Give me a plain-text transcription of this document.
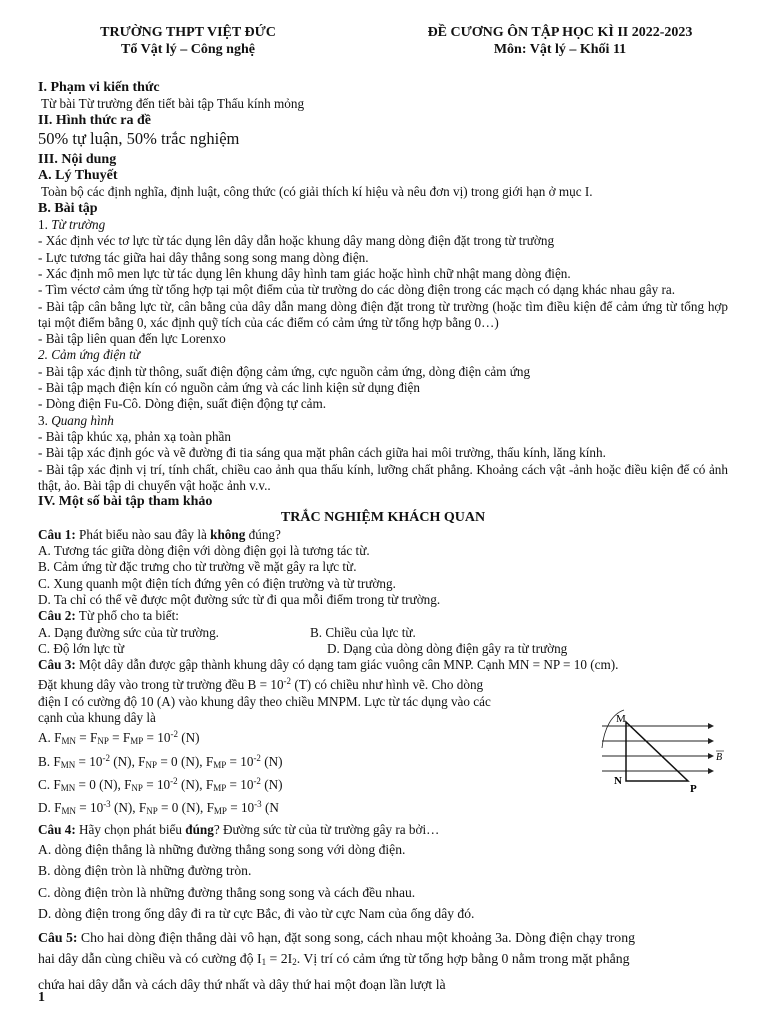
TRƯỜNG THPT VIỆT ĐỨC
Tổ Vật lý – Công nghệ
ĐỀ CƯƠNG ÔN TẬP HỌC KÌ II 2022-2023
Môn: Vật lý – Khối 11
I. Phạm vi kiến thức
Từ bài Từ trường đến tiết bài tập Thấu kính mỏng
II. Hình thức ra đề
50% tự luận, 50% trắc nghiệm
III. Nội dung
A. Lý Thuyết
Toàn bộ các định nghĩa, định luật, công thức (có giải thích kí hiệu và nêu đơn vị) trong giới hạn ở mục I.
B. Bài tập
1. Từ trường
- Xác định véc tơ lực từ tác dụng lên dây dẫn hoặc khung dây mang dòng điện đặt trong từ trường
- Lực tương tác giữa hai dây thẳng song song mang dòng điện.
- Xác định mô men lực từ tác dụng lên khung dây hình tam giác hoặc hình chữ nhật mang dòng điện.
- Tìm véctơ cảm ứng từ tổng hợp tại một điểm của từ trường do các dòng điện trong các mạch có dạng khác nhau gây ra.
- Bài tập cân bằng lực từ, cân bằng của dây dẫn mang dòng điện đặt trong từ trường (hoặc tìm điều kiện để cảm ứng từ tổng hợp tại một điểm bằng 0, xác định quỹ tích của các điểm có cảm ứng từ tổng hợp bằng 0…)
- Bài tập liên quan đến lực Lorenxo
2. Cảm ứng điện từ
- Bài tập xác định từ thông, suất điện động cảm ứng, cực nguồn cảm ứng, dòng điện cảm ứng
- Bài tập mạch điện kín có nguồn cảm ứng và các linh kiện sử dụng điện
- Dòng điện Fu-Cô. Dòng điện, suất điện động tự cảm.
3. Quang hình
- Bài tập khúc xạ, phản xạ toàn phần
- Bài tập xác định góc và vẽ đường đi tia sáng qua mặt phân cách giữa hai môi trường, thấu kính, lăng kính.
- Bài tập xác định vị trí, tính chất, chiều cao ảnh qua thấu kính, lưỡng chất phẳng. Khoảng cách vật -ảnh hoặc điều kiện để có ảnh thật, ảo. Bài tập di chuyển vật hoặc ảnh v.v..
IV. Một số bài tập tham khảo
TRẮC NGHIỆM KHÁCH QUAN
Câu 1: Phát biểu nào sau đây là không đúng?
A. Tương tác giữa dòng điện với dòng điện gọi là tương tác từ.
B. Cảm ứng từ đặc trưng cho từ trường về mặt gây ra lực từ.
C. Xung quanh một điện tích đứng yên có điện trường và từ trường.
D. Ta chỉ có thể vẽ được một đường sức từ đi qua mỗi điểm trong từ trường.
Câu 2: Từ phổ cho ta biết:
A. Dạng đường sức của từ trường.	B. Chiều của lực từ.
C. Độ lớn lực từ	D. Dạng của dòng dòng điện gây ra từ trường
Câu 3: Một dây dẫn được gập thành khung dây có dạng tam giác vuông cân MNP. Cạnh MN = NP = 10 (cm).
Đặt khung dây vào trong từ trường đều $B = 10^{-2}$ (T) có chiều như hình vẽ. Cho dòng
điện I có cường độ 10 (A) vào khung dây theo chiều MNPM. Lực từ tác dụng vào các
cạnh của khung dây là
A. $F_{MN} = F_{NP} = F_{MP} = 10^{-2}$ (N)
B. $F_{MN} = 10^{-2}$ (N), $F_{NP} = 0$ (N), $F_{MP} = 10^{-2}$ (N)
C. $F_{MN} = 0$ (N), $F_{NP} = 10^{-2}$ (N), $F_{MP} = 10^{-2}$ (N)
D. $F_{MN} = 10^{-3}$ (N), $F_{NP} = 0$ (N), $F_{MP} = 10^{-3}$ (N
Câu 4: Hãy chọn phát biểu đúng? Đường sức từ của từ trường gây ra bởi…
A. dòng điện thẳng là những đường thẳng song song với dòng điện.
B. dòng điện tròn là những đường tròn.
C. dòng điện tròn là những đường thẳng song song và cách đều nhau.
D. dòng điện trong ống dây đi ra từ cực Bắc, đi vào từ cực Nam của ống dây đó.
Câu 5: Cho hai dòng điện thẳng dài vô hạn, đặt song song, cách nhau một khoảng 3a. Dòng điện chạy trong
hai dây dẫn cùng chiều và có cường độ $I_1 = 2I_2$. Vị trí có cảm ứng từ tổng hợp bằng 0 nằm trong mặt phẳng
chứa hai dây dẫn và cách dây thứ nhất và dây thứ hai một đoạn lần lượt là
M
N
P
B
1
